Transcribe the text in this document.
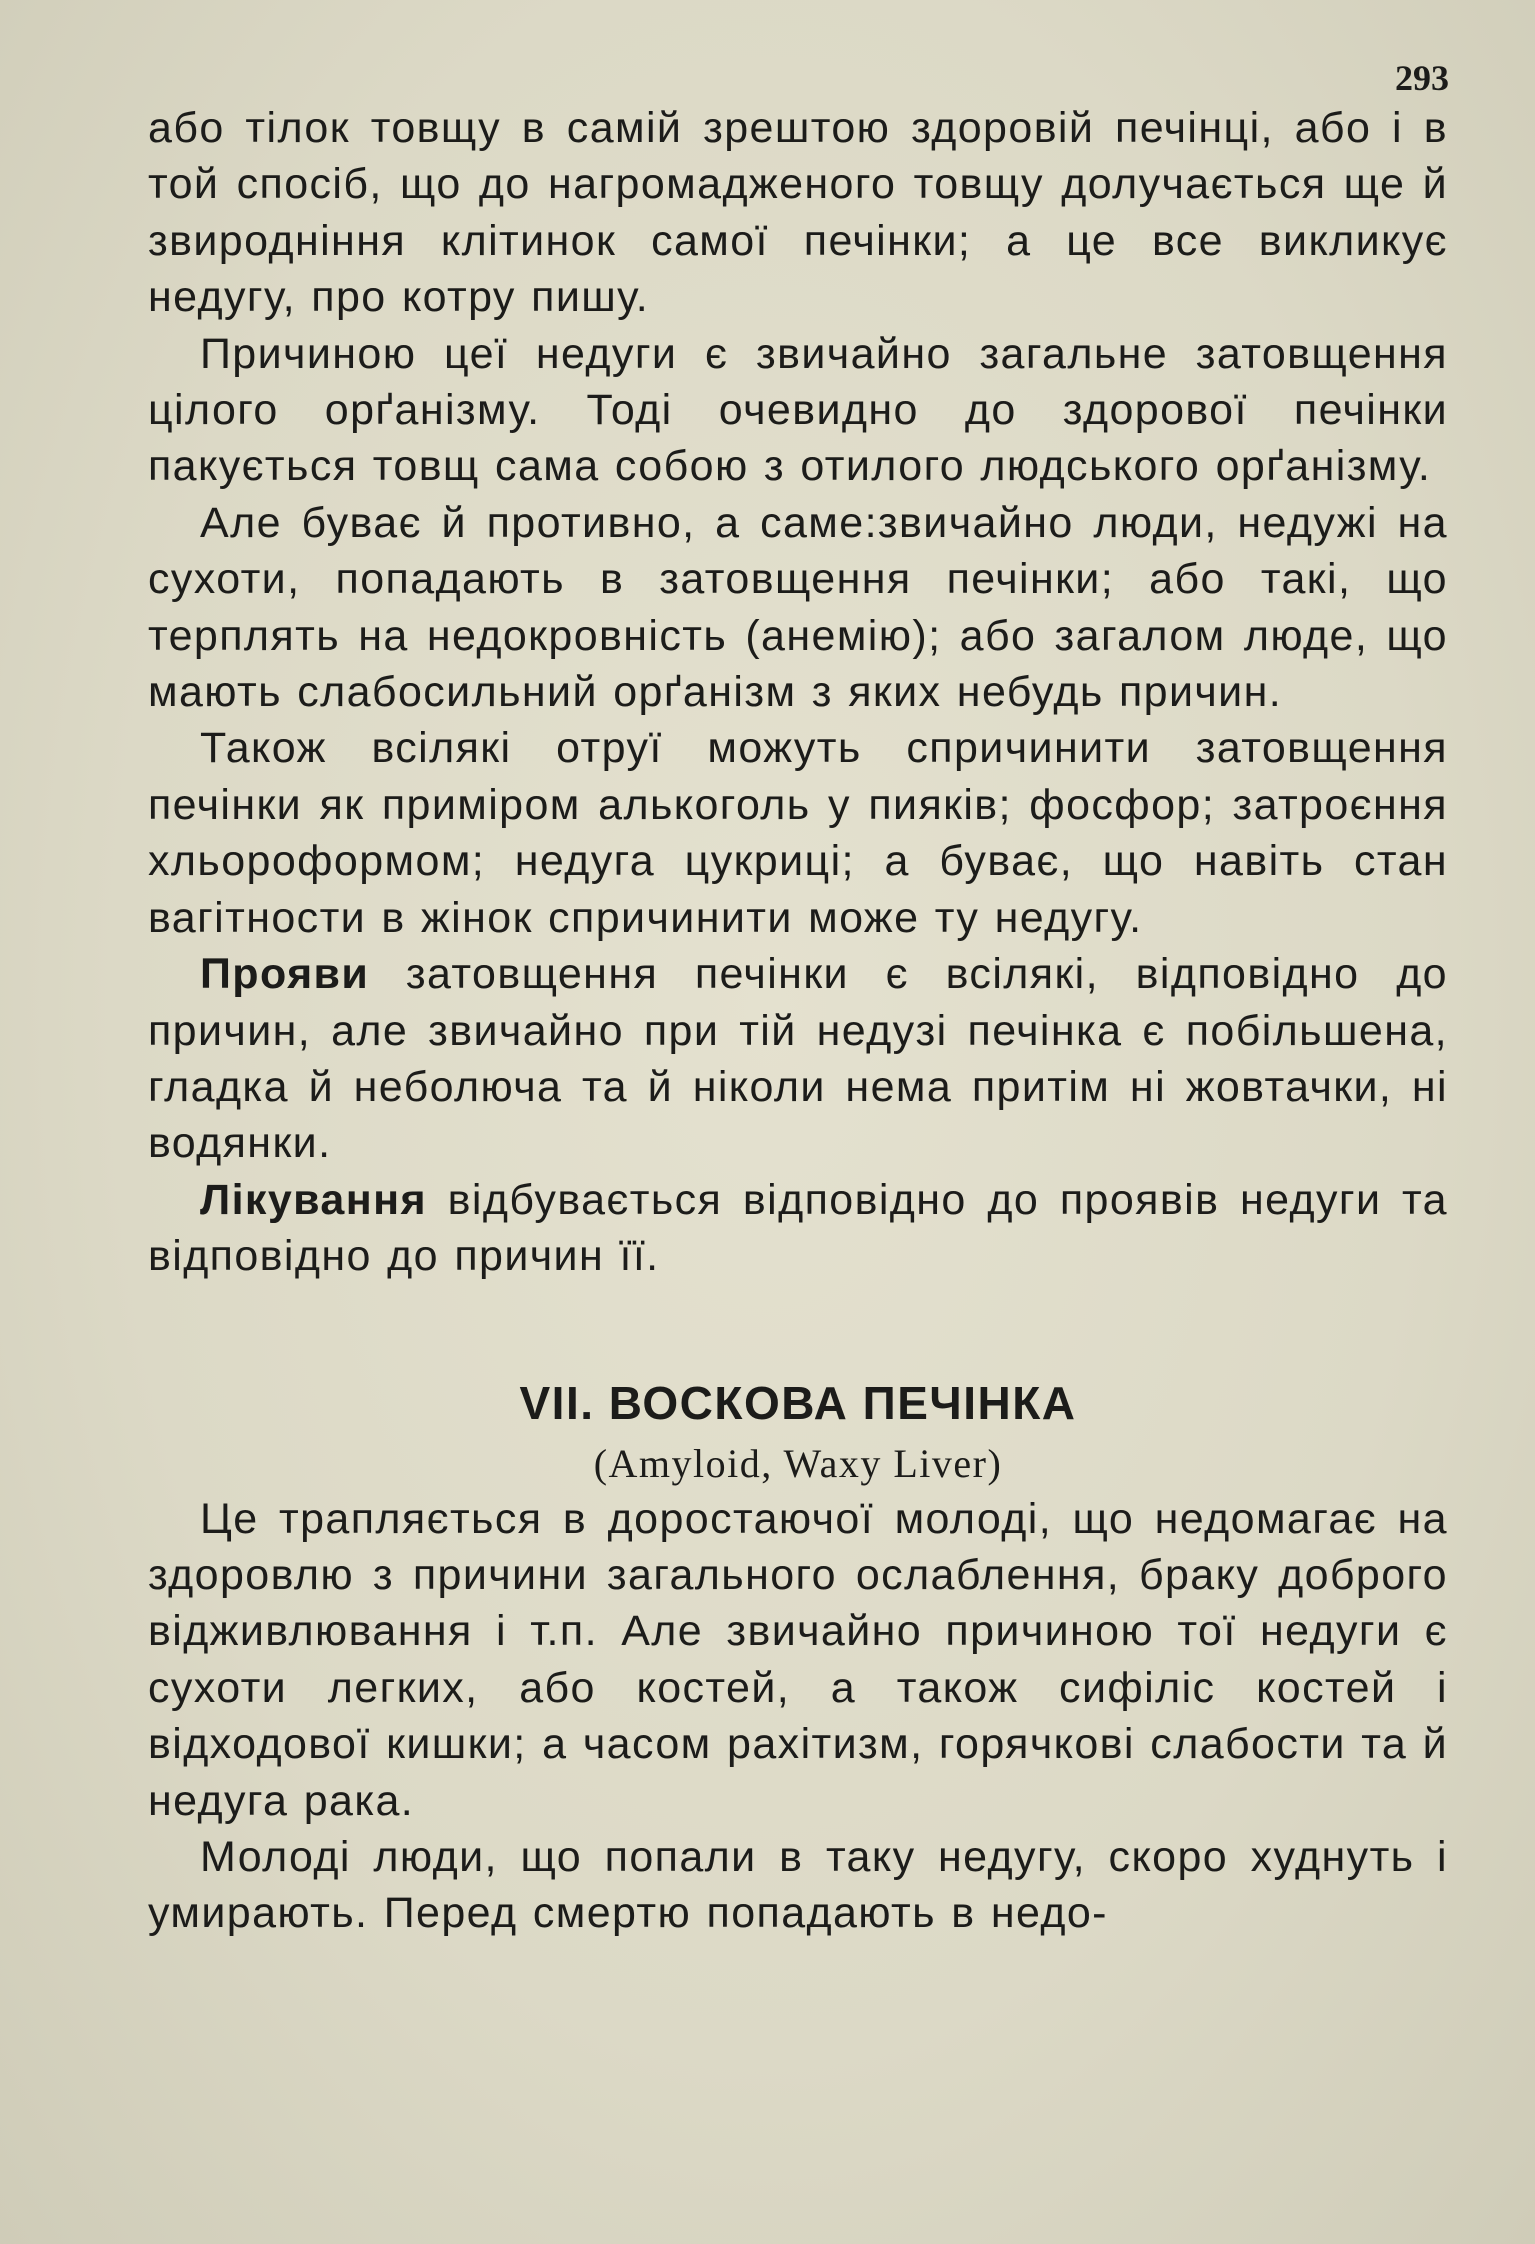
293

або тілок товщу в самій зрештою здоровій печінці, або і в той спосіб, що до нагромадженого товщу долучається ще й звироднiння клітинок самої печінки; а це все викликує недугу, про котру пишу.

Причиною цеї недуги є звичайно загальне затовщення цілого орґанізму. Тоді очевидно до здорової печінки пакується товщ сама собою з отилого людського орґанізму.

Але буває й противно, а саме:звичайно люди, недужі на сухоти, попадають в затовщення печінки; або такі, що терплять на недокровність (анемію); або загалом люде, що мають слабосильний орґанізм з яких небудь причин.

Також всілякі отруї можуть спричинити затовщення печінки як приміром алькоголь у пияків; фосфор; затроєння хльороформом; недуга цукриці; а буває, що навіть стан вагітности в жінок спричинити може ту недугу.

Прояви затовщення печінки є всілякі, відповідно до причин, але звичайно при тій недузі печінка є побільшена, гладка й неболюча та й ніколи нема притім ні жовтачки, ні водянки.

Лікування відбувається відповідно до проявів недуги та відповідно до причин її.

VII. ВОСКОВА ПЕЧІНКА
(Amyloid, Waxy Liver)

Це трапляється в доростаючої молоді, що недомагає на здоровлю з причини загального ослаблення, браку доброго відживлювання і т.п. Але звичайно причиною тої недуги є сухоти легких, або костей, а також сифіліс костей і відходової кишки; а часом рахітизм, горячкові слабости та й недуга рака.

Молоді люди, що попали в таку недугу, скоро худнуть і умирають. Перед смертю попадають в недо-
